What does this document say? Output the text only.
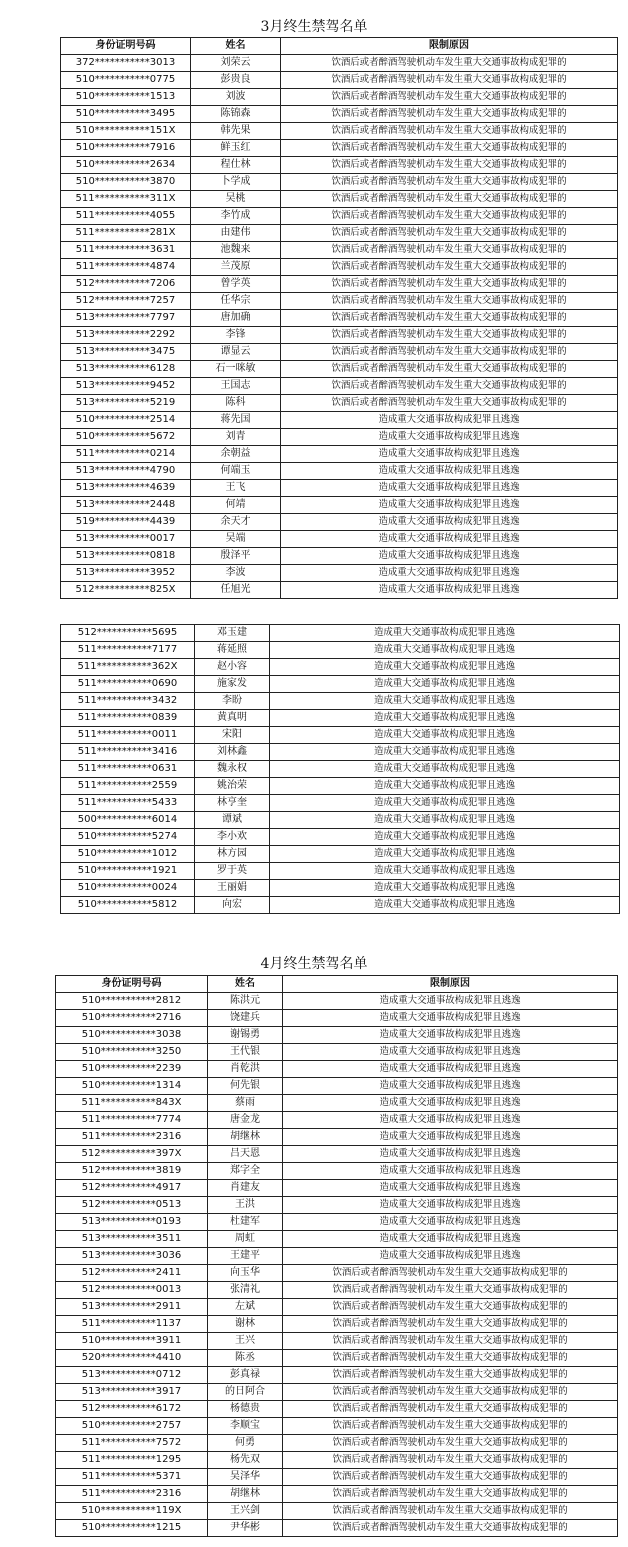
3月终生禁驾名单
身份证明号码	姓名	限制原因
372***********3013	刘荣云	饮酒后或者醉酒驾驶机动车发生重大交通事故构成犯罪的
510***********0775	彭贵良	饮酒后或者醉酒驾驶机动车发生重大交通事故构成犯罪的
510***********1513	刘波	饮酒后或者醉酒驾驶机动车发生重大交通事故构成犯罪的
510***********3495	陈锦森	饮酒后或者醉酒驾驶机动车发生重大交通事故构成犯罪的
510***********151X	韩先果	饮酒后或者醉酒驾驶机动车发生重大交通事故构成犯罪的
510***********7916	鲜玉红	饮酒后或者醉酒驾驶机动车发生重大交通事故构成犯罪的
510***********2634	程仕林	饮酒后或者醉酒驾驶机动车发生重大交通事故构成犯罪的
510***********3870	卜学成	饮酒后或者醉酒驾驶机动车发生重大交通事故构成犯罪的
511***********311X	吴桃	饮酒后或者醉酒驾驶机动车发生重大交通事故构成犯罪的
511***********4055	李竹成	饮酒后或者醉酒驾驶机动车发生重大交通事故构成犯罪的
511***********281X	由建伟	饮酒后或者醉酒驾驶机动车发生重大交通事故构成犯罪的
511***********3631	池魏来	饮酒后或者醉酒驾驶机动车发生重大交通事故构成犯罪的
511***********4874	兰茂原	饮酒后或者醉酒驾驶机动车发生重大交通事故构成犯罪的
512***********7206	曾学英	饮酒后或者醉酒驾驶机动车发生重大交通事故构成犯罪的
512***********7257	任华宗	饮酒后或者醉酒驾驶机动车发生重大交通事故构成犯罪的
513***********7797	唐加确	饮酒后或者醉酒驾驶机动车发生重大交通事故构成犯罪的
513***********2292	李锋	饮酒后或者醉酒驾驶机动车发生重大交通事故构成犯罪的
513***********3475	谭显云	饮酒后或者醉酒驾驶机动车发生重大交通事故构成犯罪的
513***********6128	石一咪敏	饮酒后或者醉酒驾驶机动车发生重大交通事故构成犯罪的
513***********9452	王国志	饮酒后或者醉酒驾驶机动车发生重大交通事故构成犯罪的
513***********5219	陈科	饮酒后或者醉酒驾驶机动车发生重大交通事故构成犯罪的
510***********2514	蒋先国	造成重大交通事故构成犯罪且逃逸
510***********5672	刘青	造成重大交通事故构成犯罪且逃逸
511***********0214	余朝益	造成重大交通事故构成犯罪且逃逸
513***********4790	何端玉	造成重大交通事故构成犯罪且逃逸
513***********4639	王飞	造成重大交通事故构成犯罪且逃逸
513***********2448	何靖	造成重大交通事故构成犯罪且逃逸
519***********4439	余天才	造成重大交通事故构成犯罪且逃逸
513***********0017	吴端	造成重大交通事故构成犯罪且逃逸
513***********0818	殷泽平	造成重大交通事故构成犯罪且逃逸
513***********3952	李波	造成重大交通事故构成犯罪且逃逸
512***********825X	任旭光	造成重大交通事故构成犯罪且逃逸
512***********5695	邓玉建	造成重大交通事故构成犯罪且逃逸
511***********7177	蒋延照	造成重大交通事故构成犯罪且逃逸
511***********362X	赵小容	造成重大交通事故构成犯罪且逃逸
511***********0690	施家发	造成重大交通事故构成犯罪且逃逸
511***********3432	李盼	造成重大交通事故构成犯罪且逃逸
511***********0839	黄真明	造成重大交通事故构成犯罪且逃逸
511***********0011	宋阳	造成重大交通事故构成犯罪且逃逸
511***********3416	刘林鑫	造成重大交通事故构成犯罪且逃逸
511***********0631	魏永权	造成重大交通事故构成犯罪且逃逸
511***********2559	姚治荣	造成重大交通事故构成犯罪且逃逸
511***********5433	林亨奎	造成重大交通事故构成犯罪且逃逸
500***********6014	谭斌	造成重大交通事故构成犯罪且逃逸
510***********5274	李小欢	造成重大交通事故构成犯罪且逃逸
510***********1012	林方园	造成重大交通事故构成犯罪且逃逸
510***********1921	罗于英	造成重大交通事故构成犯罪且逃逸
510***********0024	王丽娟	造成重大交通事故构成犯罪且逃逸
510***********5812	向宏	造成重大交通事故构成犯罪且逃逸
4月终生禁驾名单
身份证明号码	姓名	限制原因
510***********2812	陈洪元	造成重大交通事故构成犯罪且逃逸
510***********2716	饶建兵	造成重大交通事故构成犯罪且逃逸
510***********3038	谢锡勇	造成重大交通事故构成犯罪且逃逸
510***********3250	王代银	造成重大交通事故构成犯罪且逃逸
510***********2239	肖乾洪	造成重大交通事故构成犯罪且逃逸
510***********1314	何先银	造成重大交通事故构成犯罪且逃逸
511***********843X	蔡雨	造成重大交通事故构成犯罪且逃逸
511***********7774	唐金龙	造成重大交通事故构成犯罪且逃逸
511***********2316	胡继林	造成重大交通事故构成犯罪且逃逸
512***********397X	吕天恩	造成重大交通事故构成犯罪且逃逸
512***********3819	郑字全	造成重大交通事故构成犯罪且逃逸
512***********4917	肖建友	造成重大交通事故构成犯罪且逃逸
512***********0513	王洪	造成重大交通事故构成犯罪且逃逸
513***********0193	杜建军	造成重大交通事故构成犯罪且逃逸
513***********3511	周虹	造成重大交通事故构成犯罪且逃逸
513***********3036	王建平	造成重大交通事故构成犯罪且逃逸
512***********2411	向玉华	饮酒后或者醉酒驾驶机动车发生重大交通事故构成犯罪的
512***********0013	张清礼	饮酒后或者醉酒驾驶机动车发生重大交通事故构成犯罪的
513***********2911	左斌	饮酒后或者醉酒驾驶机动车发生重大交通事故构成犯罪的
511***********1137	谢林	饮酒后或者醉酒驾驶机动车发生重大交通事故构成犯罪的
510***********3911	王兴	饮酒后或者醉酒驾驶机动车发生重大交通事故构成犯罪的
520***********4410	陈丞	饮酒后或者醉酒驾驶机动车发生重大交通事故构成犯罪的
513***********0712	彭真禄	饮酒后或者醉酒驾驶机动车发生重大交通事故构成犯罪的
513***********3917	的日阿合	饮酒后或者醉酒驾驶机动车发生重大交通事故构成犯罪的
512***********6172	杨德贵	饮酒后或者醉酒驾驶机动车发生重大交通事故构成犯罪的
510***********2757	李顺宝	饮酒后或者醉酒驾驶机动车发生重大交通事故构成犯罪的
511***********7572	何勇	饮酒后或者醉酒驾驶机动车发生重大交通事故构成犯罪的
511***********1295	杨先双	饮酒后或者醉酒驾驶机动车发生重大交通事故构成犯罪的
511***********5371	吴泽华	饮酒后或者醉酒驾驶机动车发生重大交通事故构成犯罪的
511***********2316	胡继林	饮酒后或者醉酒驾驶机动车发生重大交通事故构成犯罪的
510***********119X	王兴剑	饮酒后或者醉酒驾驶机动车发生重大交通事故构成犯罪的
510***********1215	尹华彬	饮酒后或者醉酒驾驶机动车发生重大交通事故构成犯罪的
